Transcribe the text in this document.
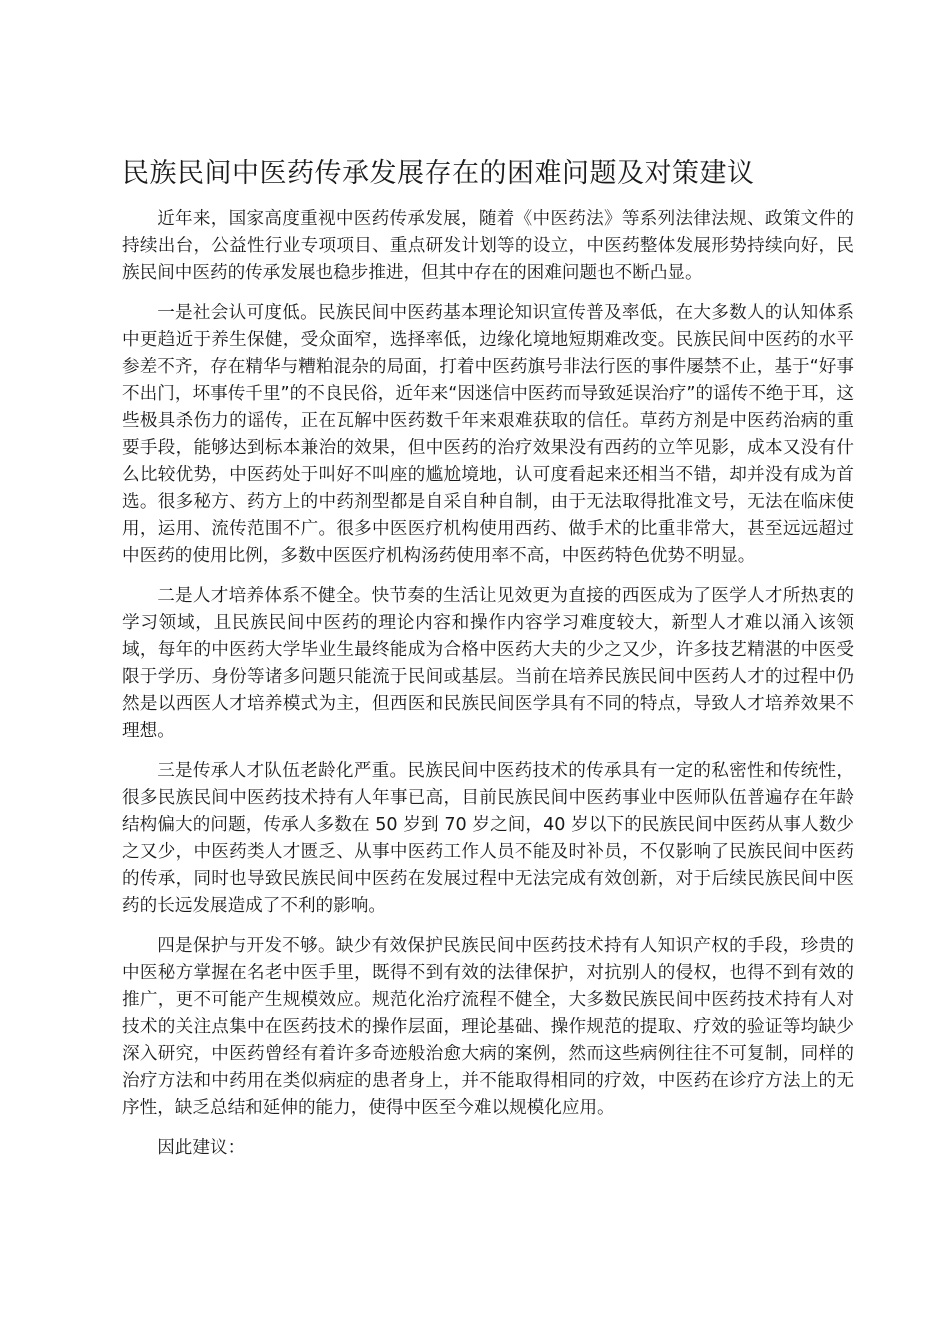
民族民间中医药传承发展存在的困难问题及对策建议

近年来，国家高度重视中医药传承发展，随着《中医药法》等系列法律法规、政策文件的持续出台，公益性行业专项项目、重点研发计划等的设立，中医药整体发展形势持续向好，民族民间中医药的传承发展也稳步推进，但其中存在的困难问题也不断凸显。

一是社会认可度低。民族民间中医药基本理论知识宣传普及率低，在大多数人的认知体系中更趋近于养生保健，受众面窄，选择率低，边缘化境地短期难改变。民族民间中医药的水平参差不齐，存在精华与糟粕混杂的局面，打着中医药旗号非法行医的事件屡禁不止，基于“好事不出门，坏事传千里”的不良民俗，近年来“因迷信中医药而导致延误治疗”的谣传不绝于耳，这些极具杀伤力的谣传，正在瓦解中医药数千年来艰难获取的信任。草药方剂是中医药治病的重要手段，能够达到标本兼治的效果，但中医药的治疗效果没有西药的立竿见影，成本又没有什么比较优势，中医药处于叫好不叫座的尴尬境地，认可度看起来还相当不错，却并没有成为首选。很多秘方、药方上的中药剂型都是自采自种自制，由于无法取得批准文号，无法在临床使用，运用、流传范围不广。很多中医医疗机构使用西药、做手术的比重非常大，甚至远远超过中医药的使用比例，多数中医医疗机构汤药使用率不高，中医药特色优势不明显。

二是人才培养体系不健全。快节奏的生活让见效更为直接的西医成为了医学人才所热衷的学习领域，且民族民间中医药的理论内容和操作内容学习难度较大，新型人才难以涌入该领域，每年的中医药大学毕业生最终能成为合格中医药大夫的少之又少，许多技艺精湛的中医受限于学历、身份等诸多问题只能流于民间或基层。当前在培养民族民间中医药人才的过程中仍然是以西医人才培养模式为主，但西医和民族民间医学具有不同的特点，导致人才培养效果不理想。

三是传承人才队伍老龄化严重。民族民间中医药技术的传承具有一定的私密性和传统性，很多民族民间中医药技术持有人年事已高，目前民族民间中医药事业中医师队伍普遍存在年龄结构偏大的问题，传承人多数在 50 岁到 70 岁之间，40 岁以下的民族民间中医药从事人数少之又少，中医药类人才匮乏、从事中医药工作人员不能及时补员，不仅影响了民族民间中医药的传承，同时也导致民族民间中医药在发展过程中无法完成有效创新，对于后续民族民间中医药的长远发展造成了不利的影响。

四是保护与开发不够。缺少有效保护民族民间中医药技术持有人知识产权的手段，珍贵的中医秘方掌握在名老中医手里，既得不到有效的法律保护，对抗别人的侵权，也得不到有效的推广，更不可能产生规模效应。规范化治疗流程不健全，大多数民族民间中医药技术持有人对技术的关注点集中在医药技术的操作层面，理论基础、操作规范的提取、疗效的验证等均缺少深入研究，中医药曾经有着许多奇迹般治愈大病的案例，然而这些病例往往不可复制，同样的治疗方法和中药用在类似病症的患者身上，并不能取得相同的疗效，中医药在诊疗方法上的无序性，缺乏总结和延伸的能力，使得中医至今难以规模化应用。

因此建议：
